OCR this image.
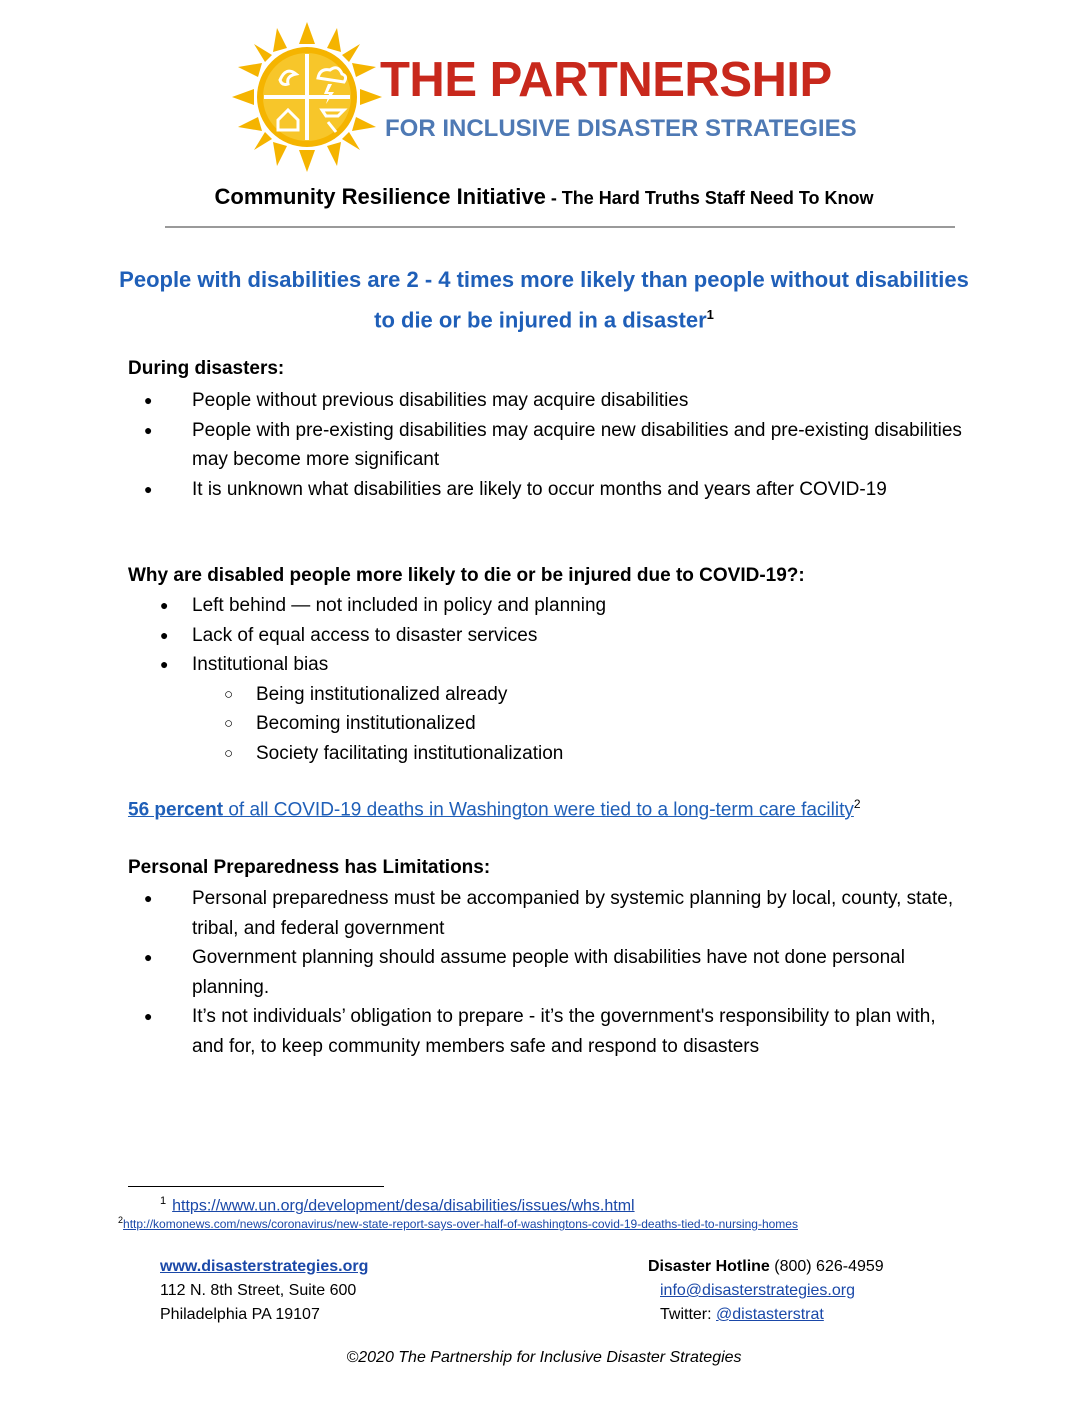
THE PARTNERSHIP

FOR INCLUSIVE DISASTER STRATEGIES

Community Resilience Initiative - The Hard Truths Staff Need To Know

People with disabilities are 2 - 4 times more likely than people without disabilities to die or be injured in a disaster$^1$

During disasters:

● People without previous disabilities may acquire disabilities
● People with pre-existing disabilities may acquire new disabilities and pre-existing disabilities may become more significant
● It is unknown what disabilities are likely to occur months and years after COVID-19

Why are disabled people more likely to die or be injured due to COVID-19?:

● Left behind — not included in policy and planning
● Lack of equal access to disaster services
● Institutional bias
○ Being institutionalized already
○ Becoming institutionalized
○ Society facilitating institutionalization

56 percent of all COVID-19 deaths in Washington were tied to a long-term care facility$^2$

Personal Preparedness has Limitations:

● Personal preparedness must be accompanied by systemic planning by local, county, state, tribal, and federal government
● Government planning should assume people with disabilities have not done personal planning.
● It’s not individuals’ obligation to prepare - it’s the government's responsibility to plan with, and for, to keep community members safe and respond to disasters
$^1$ https://www.un.org/development/desa/disabilities/issues/whs.html
$^2$http://komonews.com/news/coronavirus/new-state-report-says-over-half-of-washingtons-covid-19-deaths-tied-to-nursing-homes
www.disasterstrategies.org
112 N. 8th Street, Suite 600
Philadelphia PA 19107
Disaster Hotline (800) 626-4959
info@disasterstrategies.org
Twitter: @distasterstrat
©2020 The Partnership for Inclusive Disaster Strategies
